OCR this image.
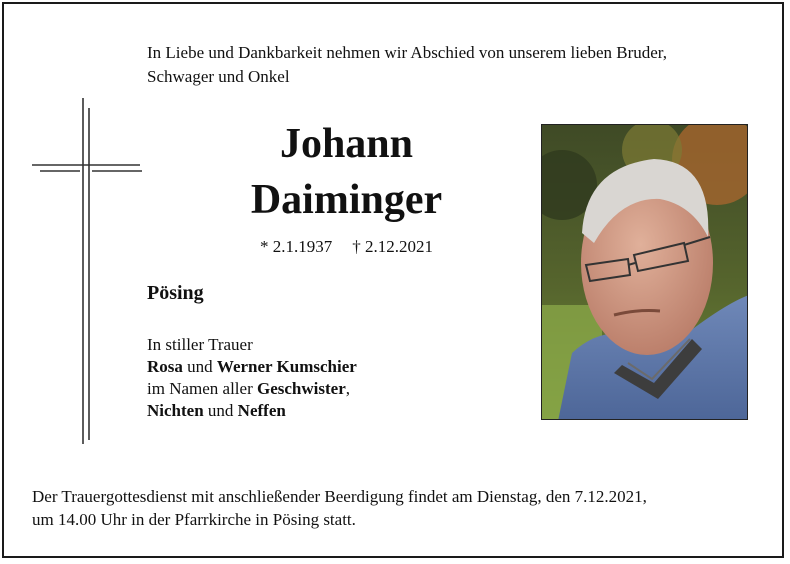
In Liebe und Dankbarkeit nehmen wir Abschied von unserem lieben Bruder,
Schwager und Onkel
Johann
Daiminger
* 2.1.1937 † 2.12.2021
Pösing
In stiller Trauer
Rosa und Werner Kumschier
im Namen aller Geschwister,
Nichten und Neffen
Der Trauergottesdienst mit anschließender Beerdigung findet am Dienstag, den 7.12.2021,
um 14.00 Uhr in der Pfarrkirche in Pösing statt.
